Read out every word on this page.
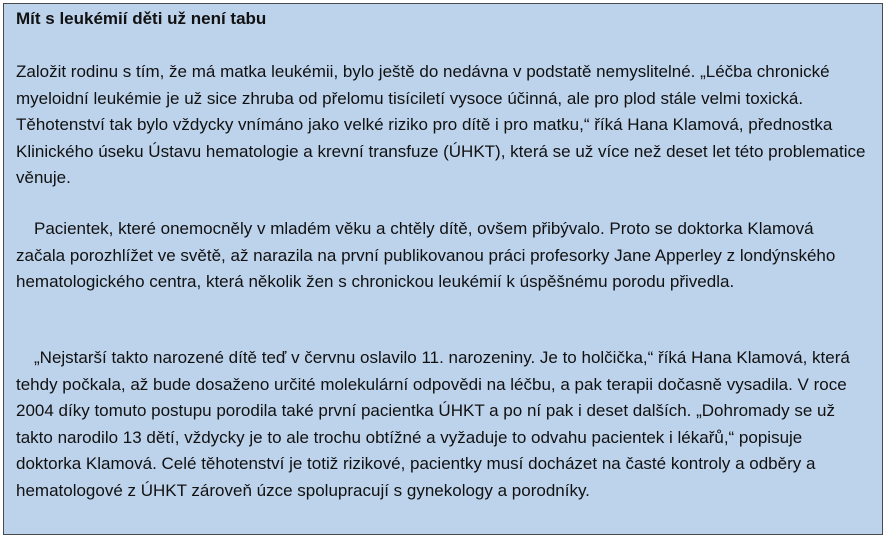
Mít s leukémií děti už není tabu

Založit rodinu s tím, že má matka leukémii, bylo ještě do nedávna v podstatě nemyslitelné. „Léčba chronické myeloidní leukémie je už sice zhruba od přelomu tisíciletí vysoce účinná, ale pro plod stále velmi toxická. Těhotenství tak bylo vždycky vnímáno jako velké riziko pro dítě i pro matku,“ říká Hana Klamová, přednostka Klinického úseku Ústavu hematologie a krevní transfuze (ÚHKT), která se už více než deset let této problematice věnuje.

Pacientek, které onemocněly v mladém věku a chtěly dítě, ovšem přibývalo. Proto se doktorka Klamová začala porozhlížet ve světě, až narazila na první publikovanou práci profesorky Jane Apperley z londýnského hematologického centra, která několik žen s chronickou leukémií k úspěšnému porodu přivedla.

„Nejstarší takto narozené dítě teď v červnu oslavilo 11. narozeniny. Je to holčička,“ říká Hana Klamová, která tehdy počkala, až bude dosaženo určité molekulární odpovědi na léčbu, a pak terapii dočasně vysadila. V roce 2004 díky tomuto postupu porodila také první pacientka ÚHKT a po ní pak i deset dalších. „Dohromady se už takto narodilo 13 dětí, vždycky je to ale trochu obtížné a vyžaduje to odvahu pacientek i lékařů,“ popisuje doktorka Klamová. Celé těhotenství je totiž rizikové, pacientky musí docházet na časté kontroly a odběry a hematologové z ÚHKT zároveň úzce spolupracují s gynekology a porodníky.
